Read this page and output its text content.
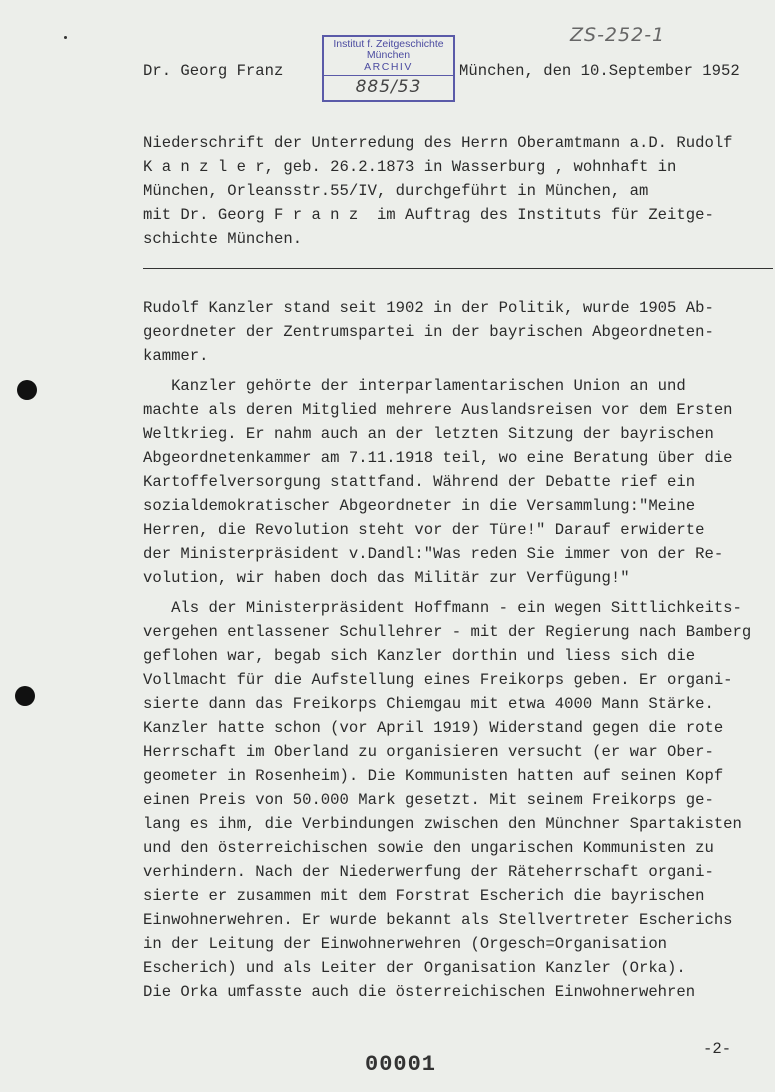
ZS-252-1
Dr. Georg Franz	München, den 10.September 1952
Institut f. Zeitgeschichte
München
ARCHIV
885/53
Niederschrift der Unterredung des Herrn Oberamtmann a.D. Rudolf
K a n z l e r, geb. 26.2.1873 in Wasserburg , wohnhaft in
München, Orleansstr.55/IV, durchgeführt in München, am
mit Dr. Georg F r a n z  im Auftrag des Instituts für Zeitge-
schichte München.
Rudolf Kanzler stand seit 1902 in der Politik, wurde 1905 Ab-
geordneter der Zentrumspartei in der bayrischen Abgeordneten-
kammer.
Kanzler gehörte der interparlamentarischen Union an und
machte als deren Mitglied mehrere Auslandsreisen vor dem Ersten
Weltkrieg. Er nahm auch an der letzten Sitzung der bayrischen
Abgeordnetenkammer am 7.11.1918 teil, wo eine Beratung über die
Kartoffelversorgung stattfand. Während der Debatte rief ein
sozialdemokratischer Abgeordneter in die Versammlung:"Meine
Herren, die Revolution steht vor der Türe!" Darauf erwiderte
der Ministerpräsident v.Dandl:"Was reden Sie immer von der Re-
volution, wir haben doch das Militär zur Verfügung!"
Als der Ministerpräsident Hoffmann - ein wegen Sittlichkeits-
vergehen entlassener Schullehrer - mit der Regierung nach Bamberg
geflohen war, begab sich Kanzler dorthin und liess sich die
Vollmacht für die Aufstellung eines Freikorps geben. Er organi-
sierte dann das Freikorps Chiemgau mit etwa 4000 Mann Stärke.
Kanzler hatte schon (vor April 1919) Widerstand gegen die rote
Herrschaft im Oberland zu organisieren versucht (er war Ober-
geometer in Rosenheim). Die Kommunisten hatten auf seinen Kopf
einen Preis von 50.000 Mark gesetzt. Mit seinem Freikorps ge-
lang es ihm, die Verbindungen zwischen den Münchner Spartakisten
und den österreichischen sowie den ungarischen Kommunisten zu
verhindern. Nach der Niederwerfung der Räteherrschaft organi-
sierte er zusammen mit dem Forstrat Escherich die bayrischen
Einwohnerwehren. Er wurde bekannt als Stellvertreter Escherichs
in der Leitung der Einwohnerwehren (Orgesch=Organisation
Escherich) und als Leiter der Organisation Kanzler (Orka).
Die Orka umfasste auch die österreichischen Einwohnerwehren
00001
-2-
